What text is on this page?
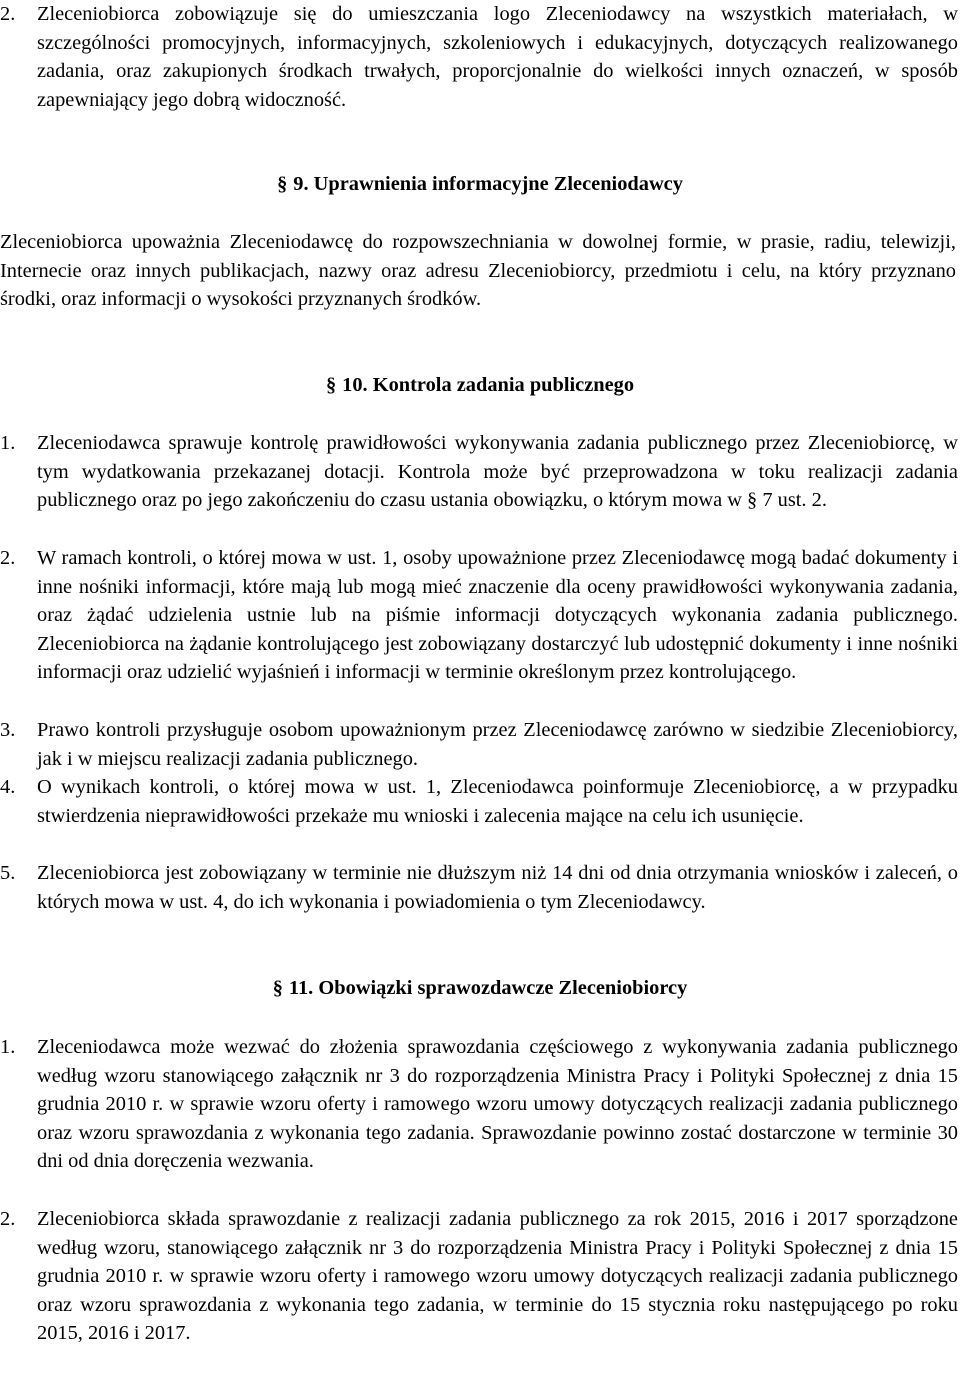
2. Zleceniobiorca zobowiązuje się do umieszczania logo Zleceniodawcy na wszystkich materiałach, w szczególności promocyjnych, informacyjnych, szkoleniowych i edukacyjnych, dotyczących realizowanego zadania, oraz zakupionych środkach trwałych, proporcjonalnie do wielkości innych oznaczeń, w sposób zapewniający jego dobrą widoczność.
§ 9. Uprawnienia informacyjne Zleceniodawcy
Zleceniobiorca upoważnia Zleceniodawcę do rozpowszechniania w dowolnej formie, w prasie, radiu, telewizji, Internecie oraz innych publikacjach, nazwy oraz adresu Zleceniobiorcy, przedmiotu i celu, na który przyznano środki, oraz informacji o wysokości przyznanych środków.
§ 10. Kontrola zadania publicznego
1. Zleceniodawca sprawuje kontrolę prawidłowości wykonywania zadania publicznego przez Zleceniobiorcę, w tym wydatkowania przekazanej dotacji. Kontrola może być przeprowadzona w toku realizacji zadania publicznego oraz po jego zakończeniu do czasu ustania obowiązku, o którym mowa w § 7 ust. 2.
2. W ramach kontroli, o której mowa w ust. 1, osoby upoważnione przez Zleceniodawcę mogą badać dokumenty i inne nośniki informacji, które mają lub mogą mieć znaczenie dla oceny prawidłowości wykonywania zadania, oraz żądać udzielenia ustnie lub na piśmie informacji dotyczących wykonania zadania publicznego. Zleceniobiorca na żądanie kontrolującego jest zobowiązany dostarczyć lub udostępnić dokumenty i inne nośniki informacji oraz udzielić wyjaśnień i informacji w terminie określonym przez kontrolującego.
3. Prawo kontroli przysługuje osobom upoważnionym przez Zleceniodawcę zarówno w siedzibie Zleceniobiorcy, jak i w miejscu realizacji zadania publicznego.
4. O wynikach kontroli, o której mowa w ust. 1, Zleceniodawca poinformuje Zleceniobiorcę, a w przypadku stwierdzenia nieprawidłowości przekaże mu wnioski i zalecenia mające na celu ich usunięcie.
5. Zleceniobiorca jest zobowiązany w terminie nie dłuższym niż 14 dni od dnia otrzymania wniosków i zaleceń, o których mowa w ust. 4, do ich wykonania i powiadomienia o tym Zleceniodawcy.
§ 11. Obowiązki sprawozdawcze Zleceniobiorcy
1. Zleceniodawca może wezwać do złożenia sprawozdania częściowego z wykonywania zadania publicznego według wzoru stanowiącego załącznik nr 3 do rozporządzenia Ministra Pracy i Polityki Społecznej z dnia 15 grudnia 2010 r. w sprawie wzoru oferty i ramowego wzoru umowy dotyczących realizacji zadania publicznego oraz wzoru sprawozdania z wykonania tego zadania. Sprawozdanie powinno zostać dostarczone w terminie 30 dni od dnia doręczenia wezwania.
2. Zleceniobiorca składa sprawozdanie z realizacji zadania publicznego za rok 2015, 2016 i 2017 sporządzone według wzoru, stanowiącego załącznik nr 3 do rozporządzenia Ministra Pracy i Polityki Społecznej z dnia 15 grudnia 2010 r. w sprawie wzoru oferty i ramowego wzoru umowy dotyczących realizacji zadania publicznego oraz wzoru sprawozdania z wykonania tego zadania, w terminie do 15 stycznia roku następującego po roku 2015, 2016 i 2017.
